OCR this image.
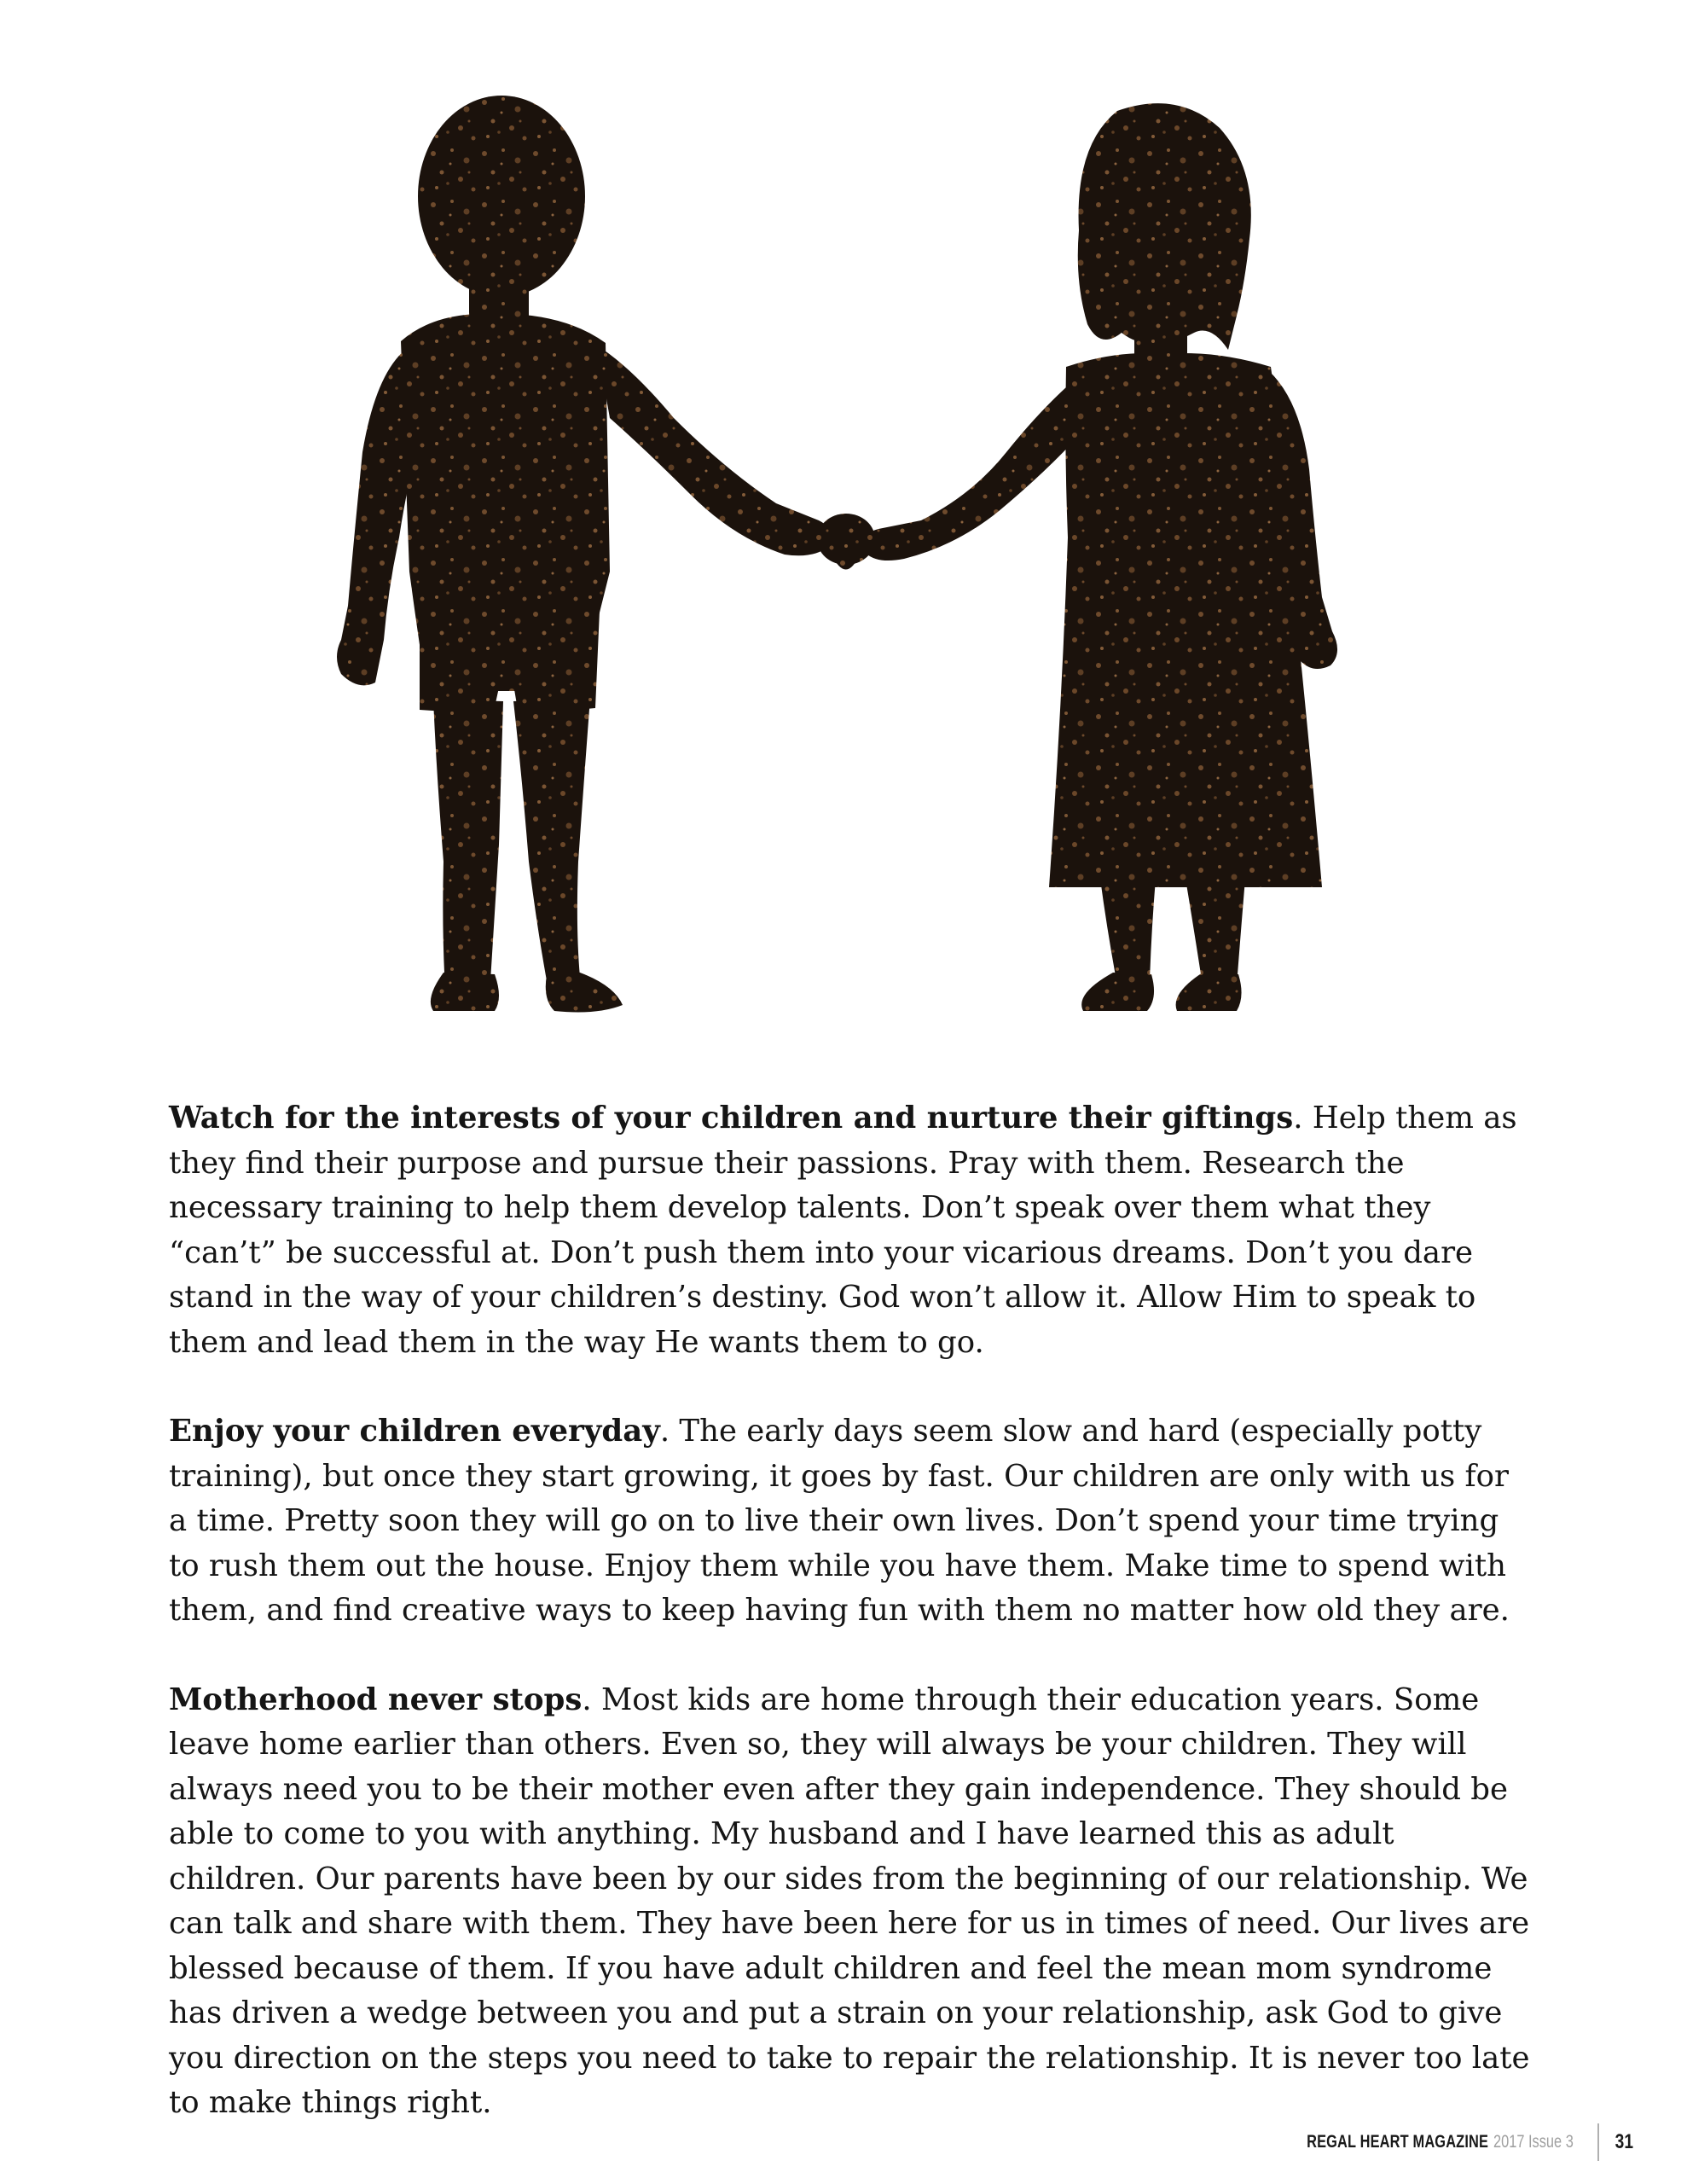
Watch for the interests of your children and nurture their giftings. Help them as they find their purpose and pursue their passions. Pray with them. Research the necessary training to help them develop talents. Don’t speak over them what they “can’t” be successful at. Don’t push them into your vicarious dreams. Don’t you dare stand in the way of your children’s destiny. God won’t allow it. Allow Him to speak to them and lead them in the way He wants them to go.

Enjoy your children everyday. The early days seem slow and hard (especially potty training), but once they start growing, it goes by fast. Our children are only with us for a time. Pretty soon they will go on to live their own lives. Don’t spend your time trying to rush them out the house. Enjoy them while you have them. Make time to spend with them, and find creative ways to keep having fun with them no matter how old they are.

Motherhood never stops. Most kids are home through their education years. Some leave home earlier than others. Even so, they will always be your children. They will always need you to be their mother even after they gain independence. They should be able to come to you with anything. My husband and I have learned this as adult children. Our parents have been by our sides from the beginning of our relationship. We can talk and share with them. They have been here for us in times of need. Our lives are blessed because of them. If you have adult children and feel the mean mom syndrome has driven a wedge between you and put a strain on your relationship, ask God to give you direction on the steps you need to take to repair the relationship. It is never too late to make things right.

REGAL HEART MAGAZINE 2017 Issue 3 31
